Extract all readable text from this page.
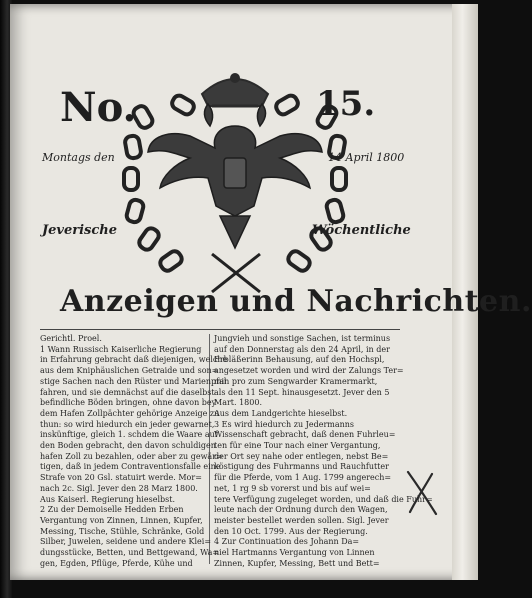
No.	15.
Montags den	14 April 1800
Jeverische	Wöchentliche
Anzeigen und Nachrichten.
Gerichtl. Proel.
1 Wann Russisch Kaiserliche Regierung
in Erfahrung gebracht daß diejenigen, welche
aus dem Kniphäuslichen Getraide und son=
stige Sachen nach den Rüster und Marienpfal
fahren, und sie demnächst auf die daselbst
befindliche Böden bringen, ohne davon bey
dem Hafen Zollpächter gehörige Anzeige zu
thun: so wird hiedurch ein jeder gewarnet,
inskünftige, gleich 1. schdem die Waare auf
den Boden gebracht, den davon schuldigen
hafen Zoll zu bezahlen, oder aber zu gewär=
tigen, daß in jedem Contraventionsfalle eine
Strafe von 20 Gsl. statuirt werde. Mor=
nach 2c. Sigl. Jever den 28 Marz 1800.
Aus Kaiserl. Regierung hieselbst.
2 Zu der Demoiselle Hedden Erben
Vergantung von Zinnen, Linnen, Kupfer,
Messing, Tische, Stühle, Schränke, Gold
Silber, Juwelen, seidene und andere Klei=
dungsstücke, Betten, und Bettgewand, Wa=
gen, Egden, Pflüge, Pferde, Kühe und
Jungvieh und sonstige Sachen, ist terminus
auf den Donnerstag als den 24 April, in der
Erbläßerinn Behausung, auf den Hochspl,
angesetzet worden und wird der Zalungs Ter=
min pro zum Sengwarder Kramermarkt,
als den 11 Sept. hinausgesetzt. Jever den 5
Mart. 1800.
Aus dem Landgerichte hieselbst.
3 Es wird hiedurch zu Jedermanns
Wissenschaft gebracht, daß denen Fuhrleu=
ten für eine Tour nach einer Vergantung,
der Ort sey nahe oder entlegen, nebst Be=
köstigung des Fuhrmanns und Rauchfutter
für die Pferde, vom 1 Aug. 1799 angerech=
net, 1 rg 9 sb vorerst und bis auf wei=
tere Verfügung zugeleget worden, und daß die Fuhr=
leute nach der Ordnung durch den Wagen,
meister bestellet werden sollen. Sigl. Jever
den 10 Oct. 1799. Aus der Regierung.
4 Zur Continuation des Johann Da=
niel Hartmanns Vergantung von Linnen
Zinnen, Kupfer, Messing, Bett und Bett=
